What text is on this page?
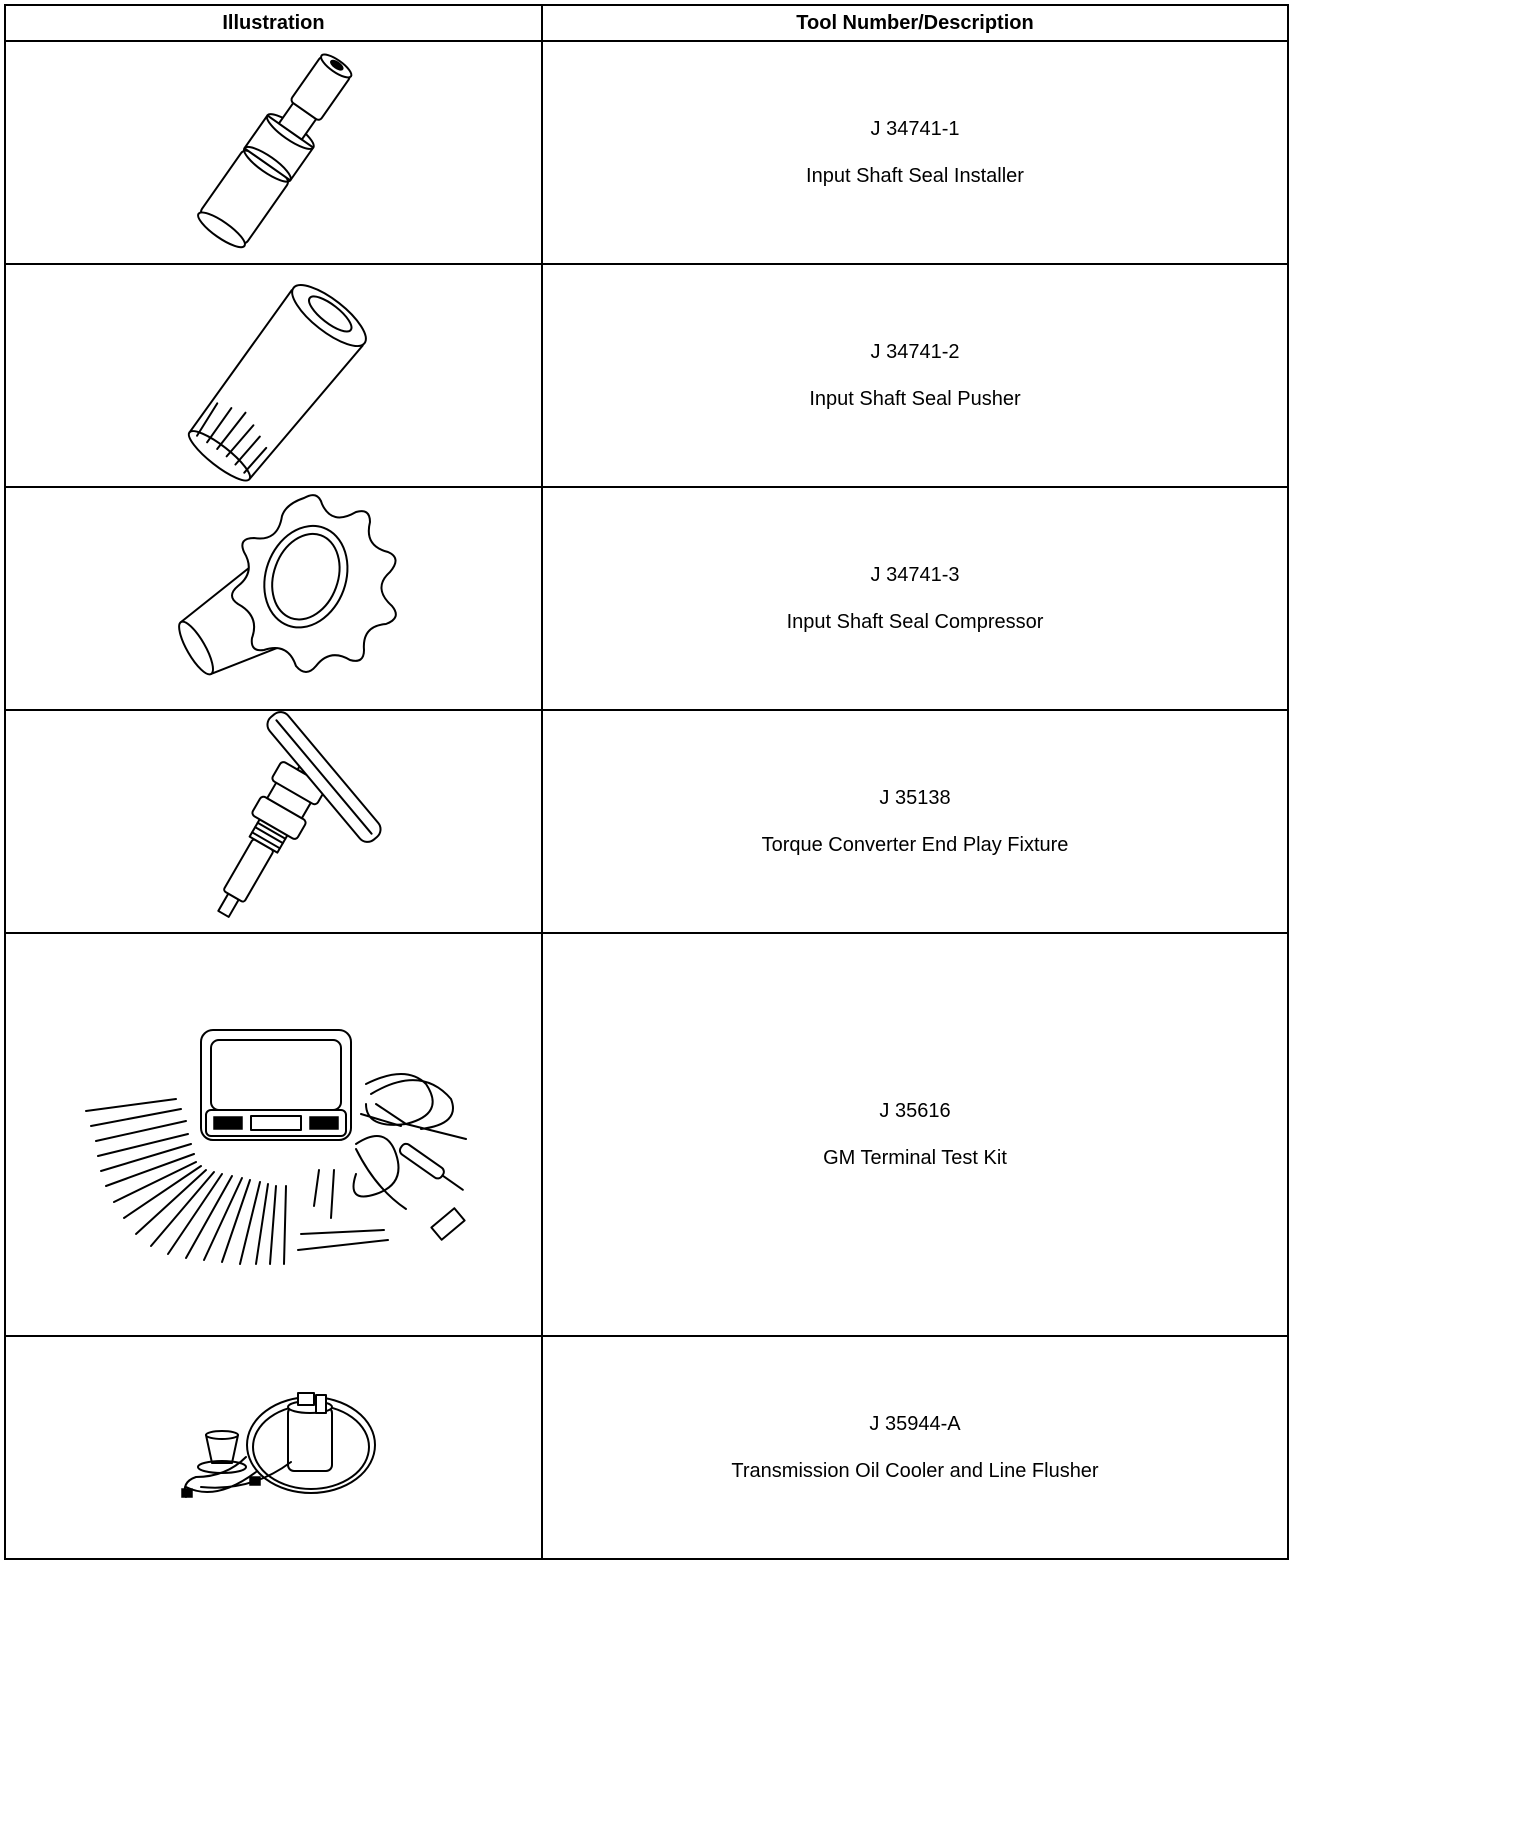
Illustration	Tool Number/Description

J 34741-1
Input Shaft Seal Installer

J 34741-2
Input Shaft Seal Pusher

J 34741-3
Input Shaft Seal Compressor

J 35138
Torque Converter End Play Fixture

J 35616
GM Terminal Test Kit

J 35944-A
Transmission Oil Cooler and Line Flusher
